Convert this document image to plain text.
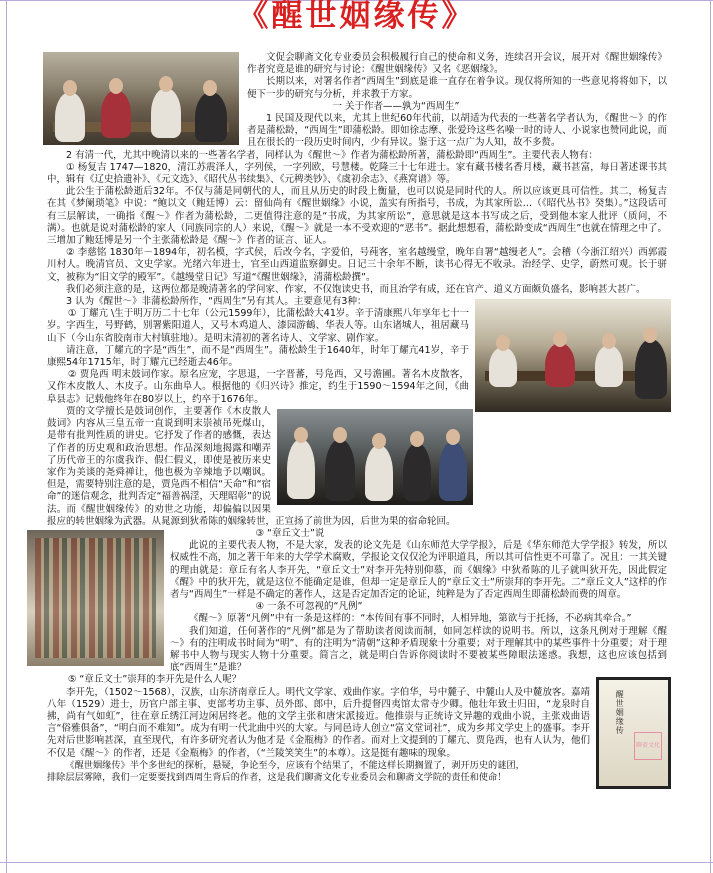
《醒世姻缘传》

文促会聊斋文化专业委员会积极履行自己的使命和义务，连续召开会议，展开对《醒世姻缘传》作者究竟是谁的研究与讨论：《醒世姻缘传》又名《恶姻缘》。

长期以来，对署名作者“西周生”到底是谁一直存在着争议。现仅将所知的一些意见将将如下，以便下一步的研究与分析，并求教于方家。

一 关于作者——孰为“西周生”

1 民国及现代以来，尤其上世纪60年代前，以胡适为代表的一些著名学者认为，《醒世～》的作者是蒲松龄，“西周生”即蒲松龄。即如徐志摩、张爱玲这些名噪一时的诗人、小说家也赞同此说，而且在很长的一段历史时间内，少有异议。鉴于这一点广为人知，故不多赘。

2 有清一代，尤其中晚清以来的一些著名学者，同样认为《醒世～》作者为蒲松龄所著，蒲松龄即“西周生”。主要代表人物有：

① 杨复吉 1747—1820，清江苏震泽人，字列侯，一字列欧，号慧楼。乾隆三十七年进士。家有藏书楼名香月楼，藏书甚富，每日著述课书其中，辑有《辽史拾遗补》、《元文选》、《昭代丛书续集》、《元稗类钞》、《虞初余志》、《燕窝谱》等。

此公生于蒲松龄逝后32年。不仅与蒲是同朝代的人，而且从历史的时段上衡量，也可以说是同时代的人。所以应该更具可信性。其二，杨复吉在其《梦阑琐笔》中说：“鲍以文（鲍廷博）云：留仙尚有《醒世姻缘》小说，盖实有所指号，书成，为其家所讼…（《昭代丛书》癸集）。”这段话可有三层解读，一确指《醒～》作者为蒲松龄，二更值得注意的是“书成，为其家所讼”，意思就是这本书写成之后，受到他本家人批评（质问，不满）。也就是说对蒲松龄的家人（同族同宗的人）来说，《醒～》就是一本不受欢迎的“恶书”。据此想想看，蒲松龄变成“西周生”也就在情理之中了。三增加了鲍廷博是另一个主张蒲松龄是《醒～》作者的证言、证人。

② 李慈铭 1830年－1894年，初名模，字式侯，后改今名，字爱伯，号莼客，室名越缦堂，晚年自署“越缦老人”。会稽（今浙江绍兴）西郭霞川村人。晚清官员、文史学家。光绪六年进士，官至山西道监察御史。日记三十余年不断，读书心得无不收录。治经学、史学，蔚然可观。长于骈文，被称为“旧文学的殿军”。《越缦堂日记》写道“《醒世姻缘》，清蒲松龄撰”。

我们必须注意的是，这两位都是晚清著名的学问家、作家，不仅饱读史书，而且治学有成，还在官产、道义方面颇负盛名，影响甚大甚广。

3 认为《醒世～》非蒲松龄所作，“西周生”另有其人。主要意见有3种：

① 丁耀亢 \生于明万历二十七年（公元1599年），比蒲松龄大41岁。辛于清康熙八年享年七十一岁。字西生，号野鹤，别署紫阳道人，又号木鸡道人、漆园游鶴、华表人等。山东诸城人，祖居藏马山下（今山东省胶南市大村镇驻地）。是明末清初的著名诗人、文学家、剧作家。

请注意，丁耀亢的字是“西生”，而不是“西周生”。蒲松龄生于1640年，时年丁耀亢41岁，辛于康熙54年1715年，时丁耀亢已经逝去46年。

② 贾凫西 明末鼓词作家。原名应宠，字思退，一字晋蕃，号凫西，又号澹圃。著名木皮散客，又作木皮散人、木皮子。山东曲阜人。根据他的《归兴诗》推定，约生于1590～1594年之间，《曲阜县志》记载他终年在80岁以上，约卒于1676年。

贾的文学擅长是鼓词创作，主要著作《木皮散人鼓词》内容从三皇五帝一直说到明末崇祯吊死煤山，是带有批判性质的讲史。它抒发了作者的感慨，表达了作者的历史观和政治思想。作品深刻地揭露和嘲弄了历代帝王的尔虞我诈、假仁假义，即使是被历来史家作为美谈的尧舜禅让，他也极为辛辣地予以嘲讽。但是，需要特别注意的是，贾凫西不相信“天命”和“宿命”的迷信观念，批判否定“福善祸淫，天理昭彰”的说法。而《醒世姻缘传》的劝世之功能，却偏偏以因果报应的转世姻缘为武器。从晁源到狄希陈的姻缘转世，正宣扬了前世为因，后世为果的宿命轮回。

③ “章丘文士”说

此说的主要代表人物，不是大家，发表的论文先是《山东师范大学学报》，后是《华东师范大学学报》转发，所以权威性不高，加之著干年来的大学学术腐败，学报论文仅仅沦为评职道具，所以其可信性更不可靠了。况且：一其关键的理由就是：章丘有名人李开先，“章丘文士”对李开先特别仰慕，而《姻缘》中狄希陈的儿子就叫狄开先，因此假定《醒》中的狄开先，就是这位不能确定是谁，但却一定是章丘人的“章丘文士”所崇拜的李开先。二“章丘文人”这样的作者与“西周生”一样是不确定的著作人，这是否定加否定的论证，纯粹是为了否定西周生即蒲松龄而费的周章。

④ 一条不可忽视的“凡例”

《醒～》原著“凡例”中有一条是这样的：“本传间有事不同时，人相异地，第欲与于托扬，不必病其牵合。”

我们知道，任何著作的“凡例”都是为了帮助读者阅读而制，如同怎样读的说明书。所以，这条凡例对于理解《醒～》有的注明成书时间为“明”、有的注明为“清朝”这种矛盾现象十分重要；对于理解其中的某些事件十分重要；对于理解书中人物与现实人物十分重要。简言之，就是明白告诉你阅读时不要被某些障眼法迷惑。我想，这也应该包括到底“西周生”是谁？

醒世姻缘传
聊斋文化

⑤ “章丘文士”崇拜的李开先是什么人呢？

李开先，（1502～1568），汉族，山东济南章丘人。明代文学家、戏曲作家。字伯华，号中麓子、中麓山人及中麓放客。嘉靖八年（1529）进士，历官户部主事、吏部考功主事、员外郎、郎中，后升提督四夷馆太常寺少卿。他壮年致士归田，“龙泉时自拂，尚有气如虹”，往在章丘绣江河边闲居终老。他的文学主张和唐宋派接近。他推崇与正统诗文异趣的戏曲小说，主张戏曲语言“俗雅俱备”，“明白而不难知”。成为有明一代北曲中兴的大家。与同邑诗人创立“富文堂词社”，成为乡邦文学史上的盛事。李开先对后世影响甚深，直至现代，有许多研究者认为他才是《金瓶梅》的作者。而对上文提到的丁耀亢、贾凫西，也有人认为，他们不仅是《醒～》的作者，还是《金瓶梅》的作者，（“兰陵笑笑生”的本尊）。这是挺有趣味的现象。

《醒世姻缘传》半个多世纪的探析，悬疑，争论至今，应该有个结果了，不能这样长期搁置了，剥开历史的谜团，

排除层层雾障，我们一定要要找到西周生背后的作者，这是我们聊斋文化专业委员会和聊斋文学院的责任和使命！
